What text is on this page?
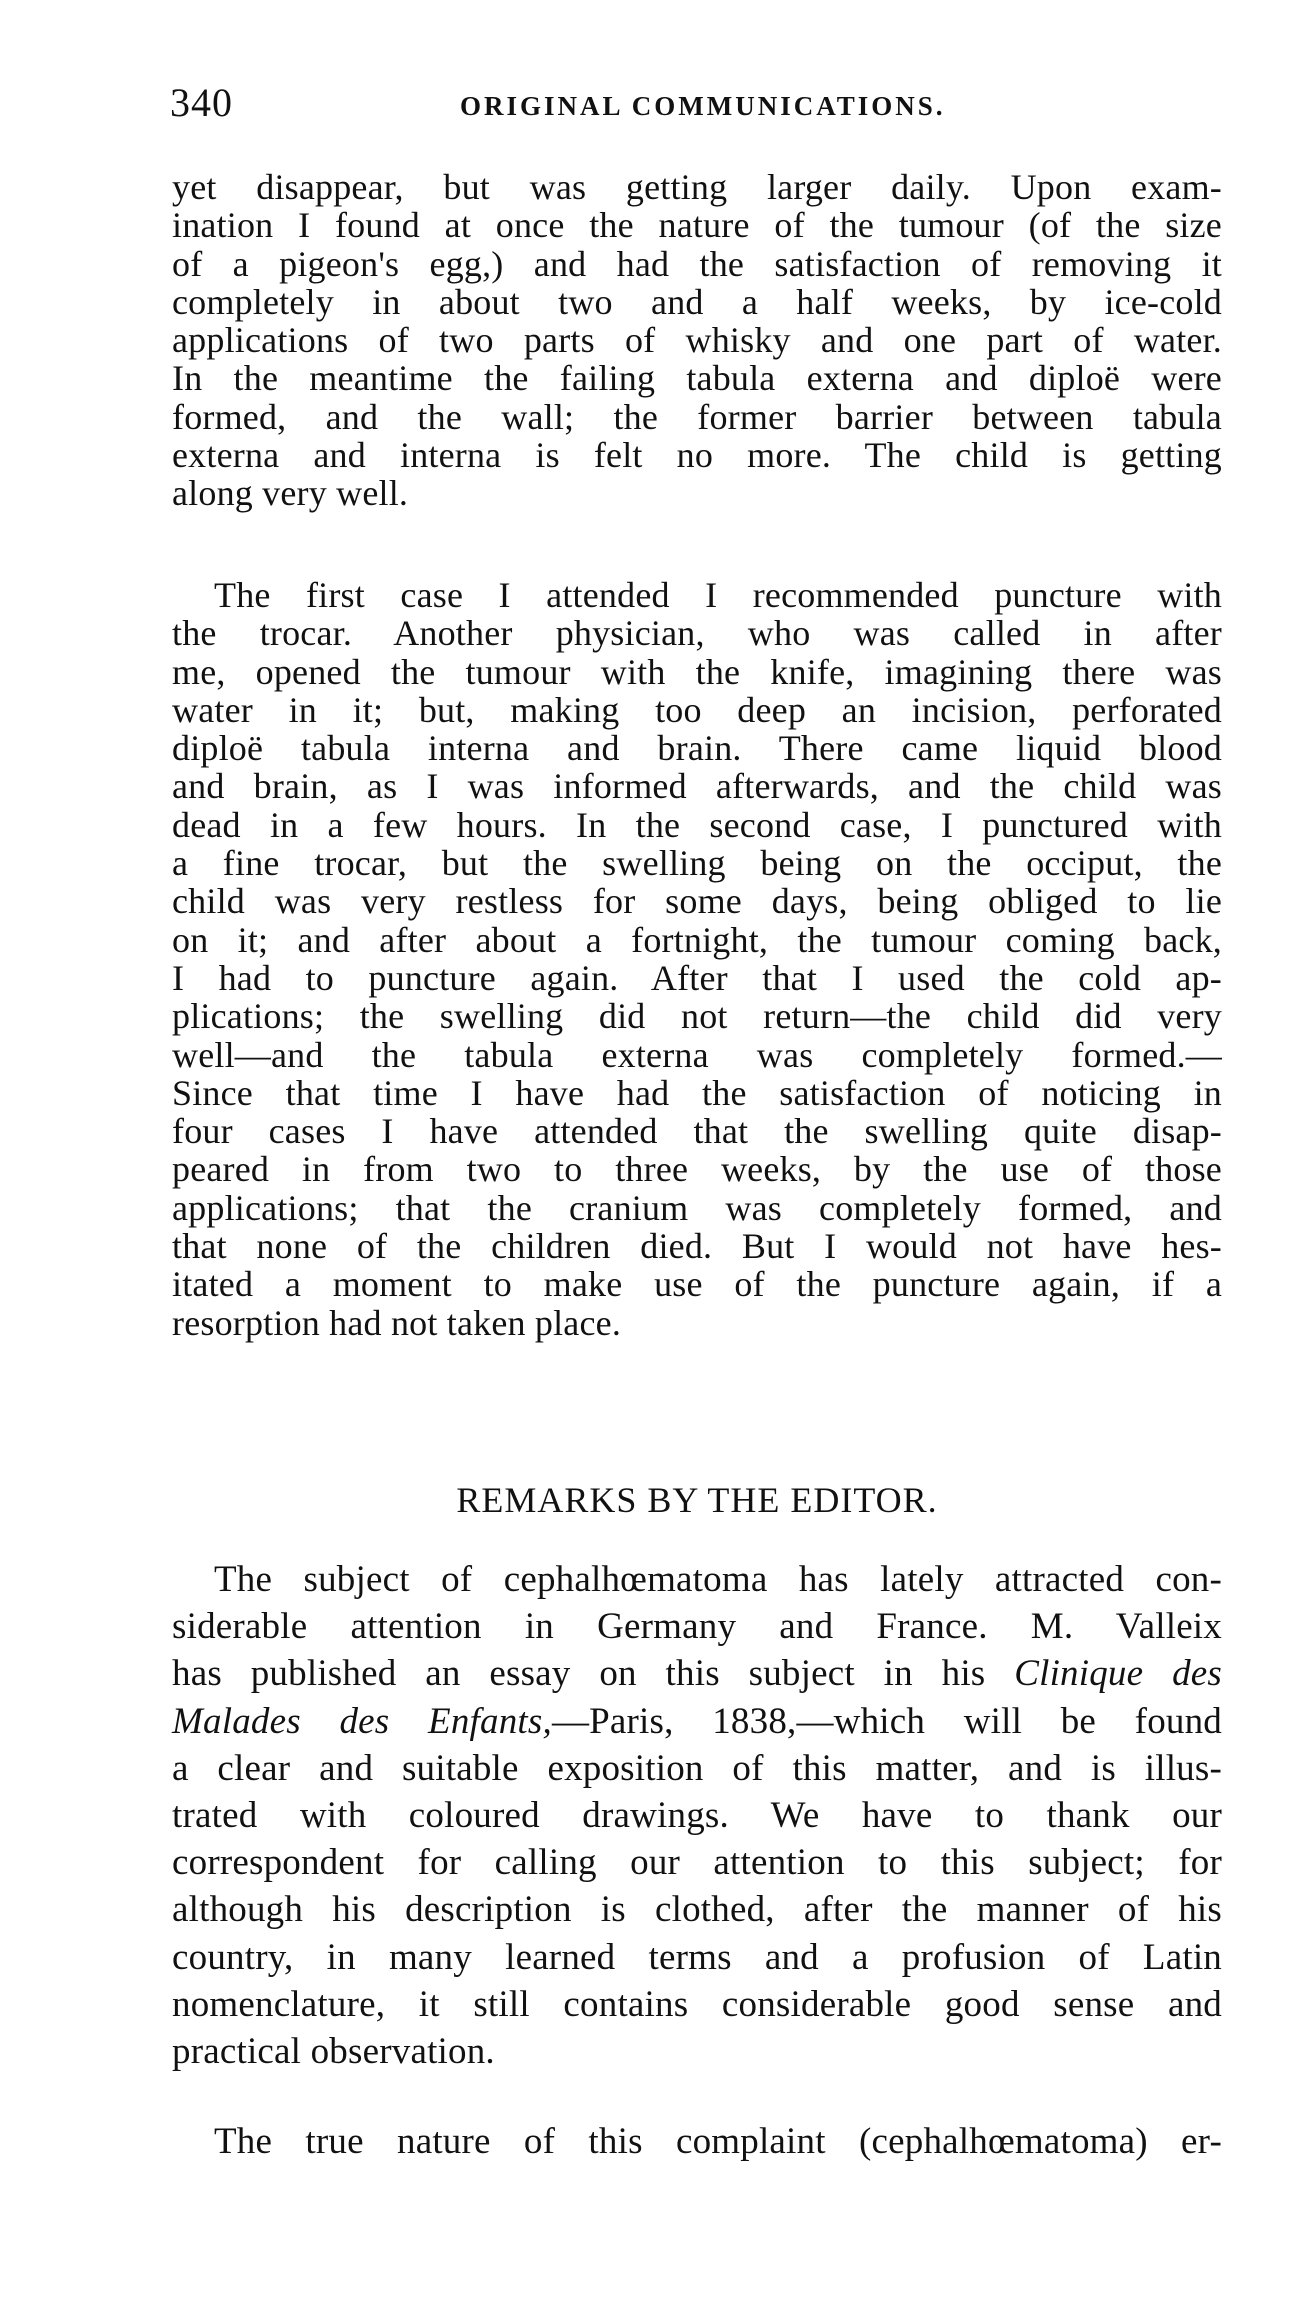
340	ORIGINAL COMMUNICATIONS.
yet disappear, but was getting larger daily. Upon exam-
ination I found at once the nature of the tumour (of the size
of a pigeon's egg,) and had the satisfaction of removing it
completely in about two and a half weeks, by ice-cold
applications of two parts of whisky and one part of water.
In the meantime the failing tabula externa and diploë were
formed, and the wall; the former barrier between tabula
externa and interna is felt no more. The child is getting
along very well.
The first case I attended I recommended puncture with
the trocar. Another physician, who was called in after
me, opened the tumour with the knife, imagining there was
water in it; but, making too deep an incision, perforated
diploë tabula interna and brain. There came liquid blood
and brain, as I was informed afterwards, and the child was
dead in a few hours. In the second case, I punctured with
a fine trocar, but the swelling being on the occiput, the
child was very restless for some days, being obliged to lie
on it; and after about a fortnight, the tumour coming back,
I had to puncture again. After that I used the cold ap-
plications; the swelling did not return—the child did very
well—and the tabula externa was completely formed.—
Since that time I have had the satisfaction of noticing in
four cases I have attended that the swelling quite disap-
peared in from two to three weeks, by the use of those
applications; that the cranium was completely formed, and
that none of the children died. But I would not have hes-
itated a moment to make use of the puncture again, if a
resorption had not taken place.
REMARKS BY THE EDITOR.
The subject of cephalhœmatoma has lately attracted con-
siderable attention in Germany and France. M. Valleix
has published an essay on this subject in his Clinique des
Malades des Enfants,—Paris, 1838,—which will be found
a clear and suitable exposition of this matter, and is illus-
trated with coloured drawings. We have to thank our
correspondent for calling our attention to this subject; for
although his description is clothed, after the manner of his
country, in many learned terms and a profusion of Latin
nomenclature, it still contains considerable good sense and
practical observation.
The true nature of this complaint (cephalhœmatoma) er-
